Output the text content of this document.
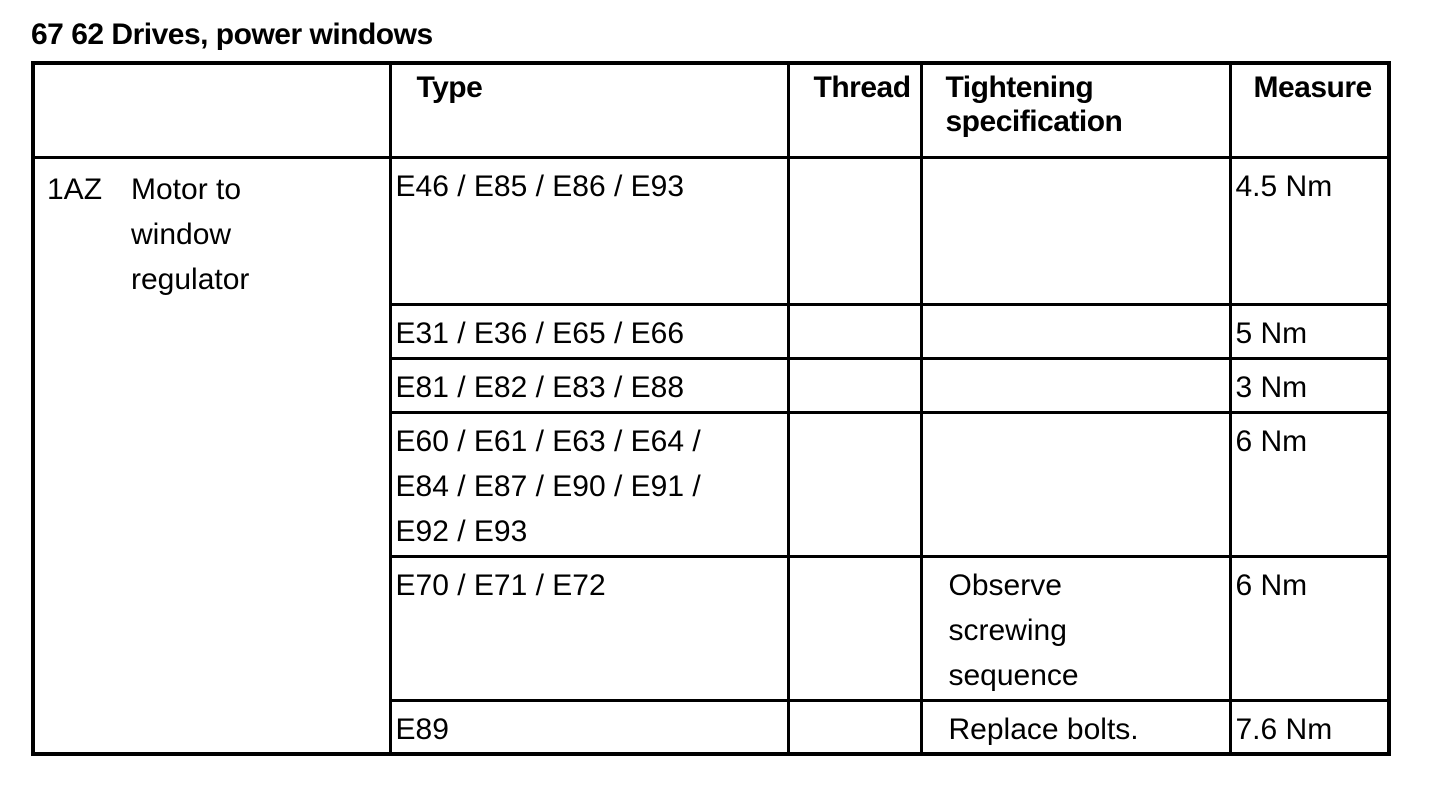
67 62 Drives, power windows

	Type	Thread	Tightening
specification	Measure

1AZ Motor to
window
regulator	E46 / E85 / E86 / E93			4.5 Nm

	E31 / E36 / E65 / E66			5 Nm

	E81 / E82 / E83 / E88			3 Nm

	E60 / E61 / E63 / E64 /
E84 / E87 / E90 / E91 /
E92 / E93			6 Nm

	E70 / E71 / E72		Observe
screwing
sequence	6 Nm

	E89		Replace bolts.	7.6 Nm
